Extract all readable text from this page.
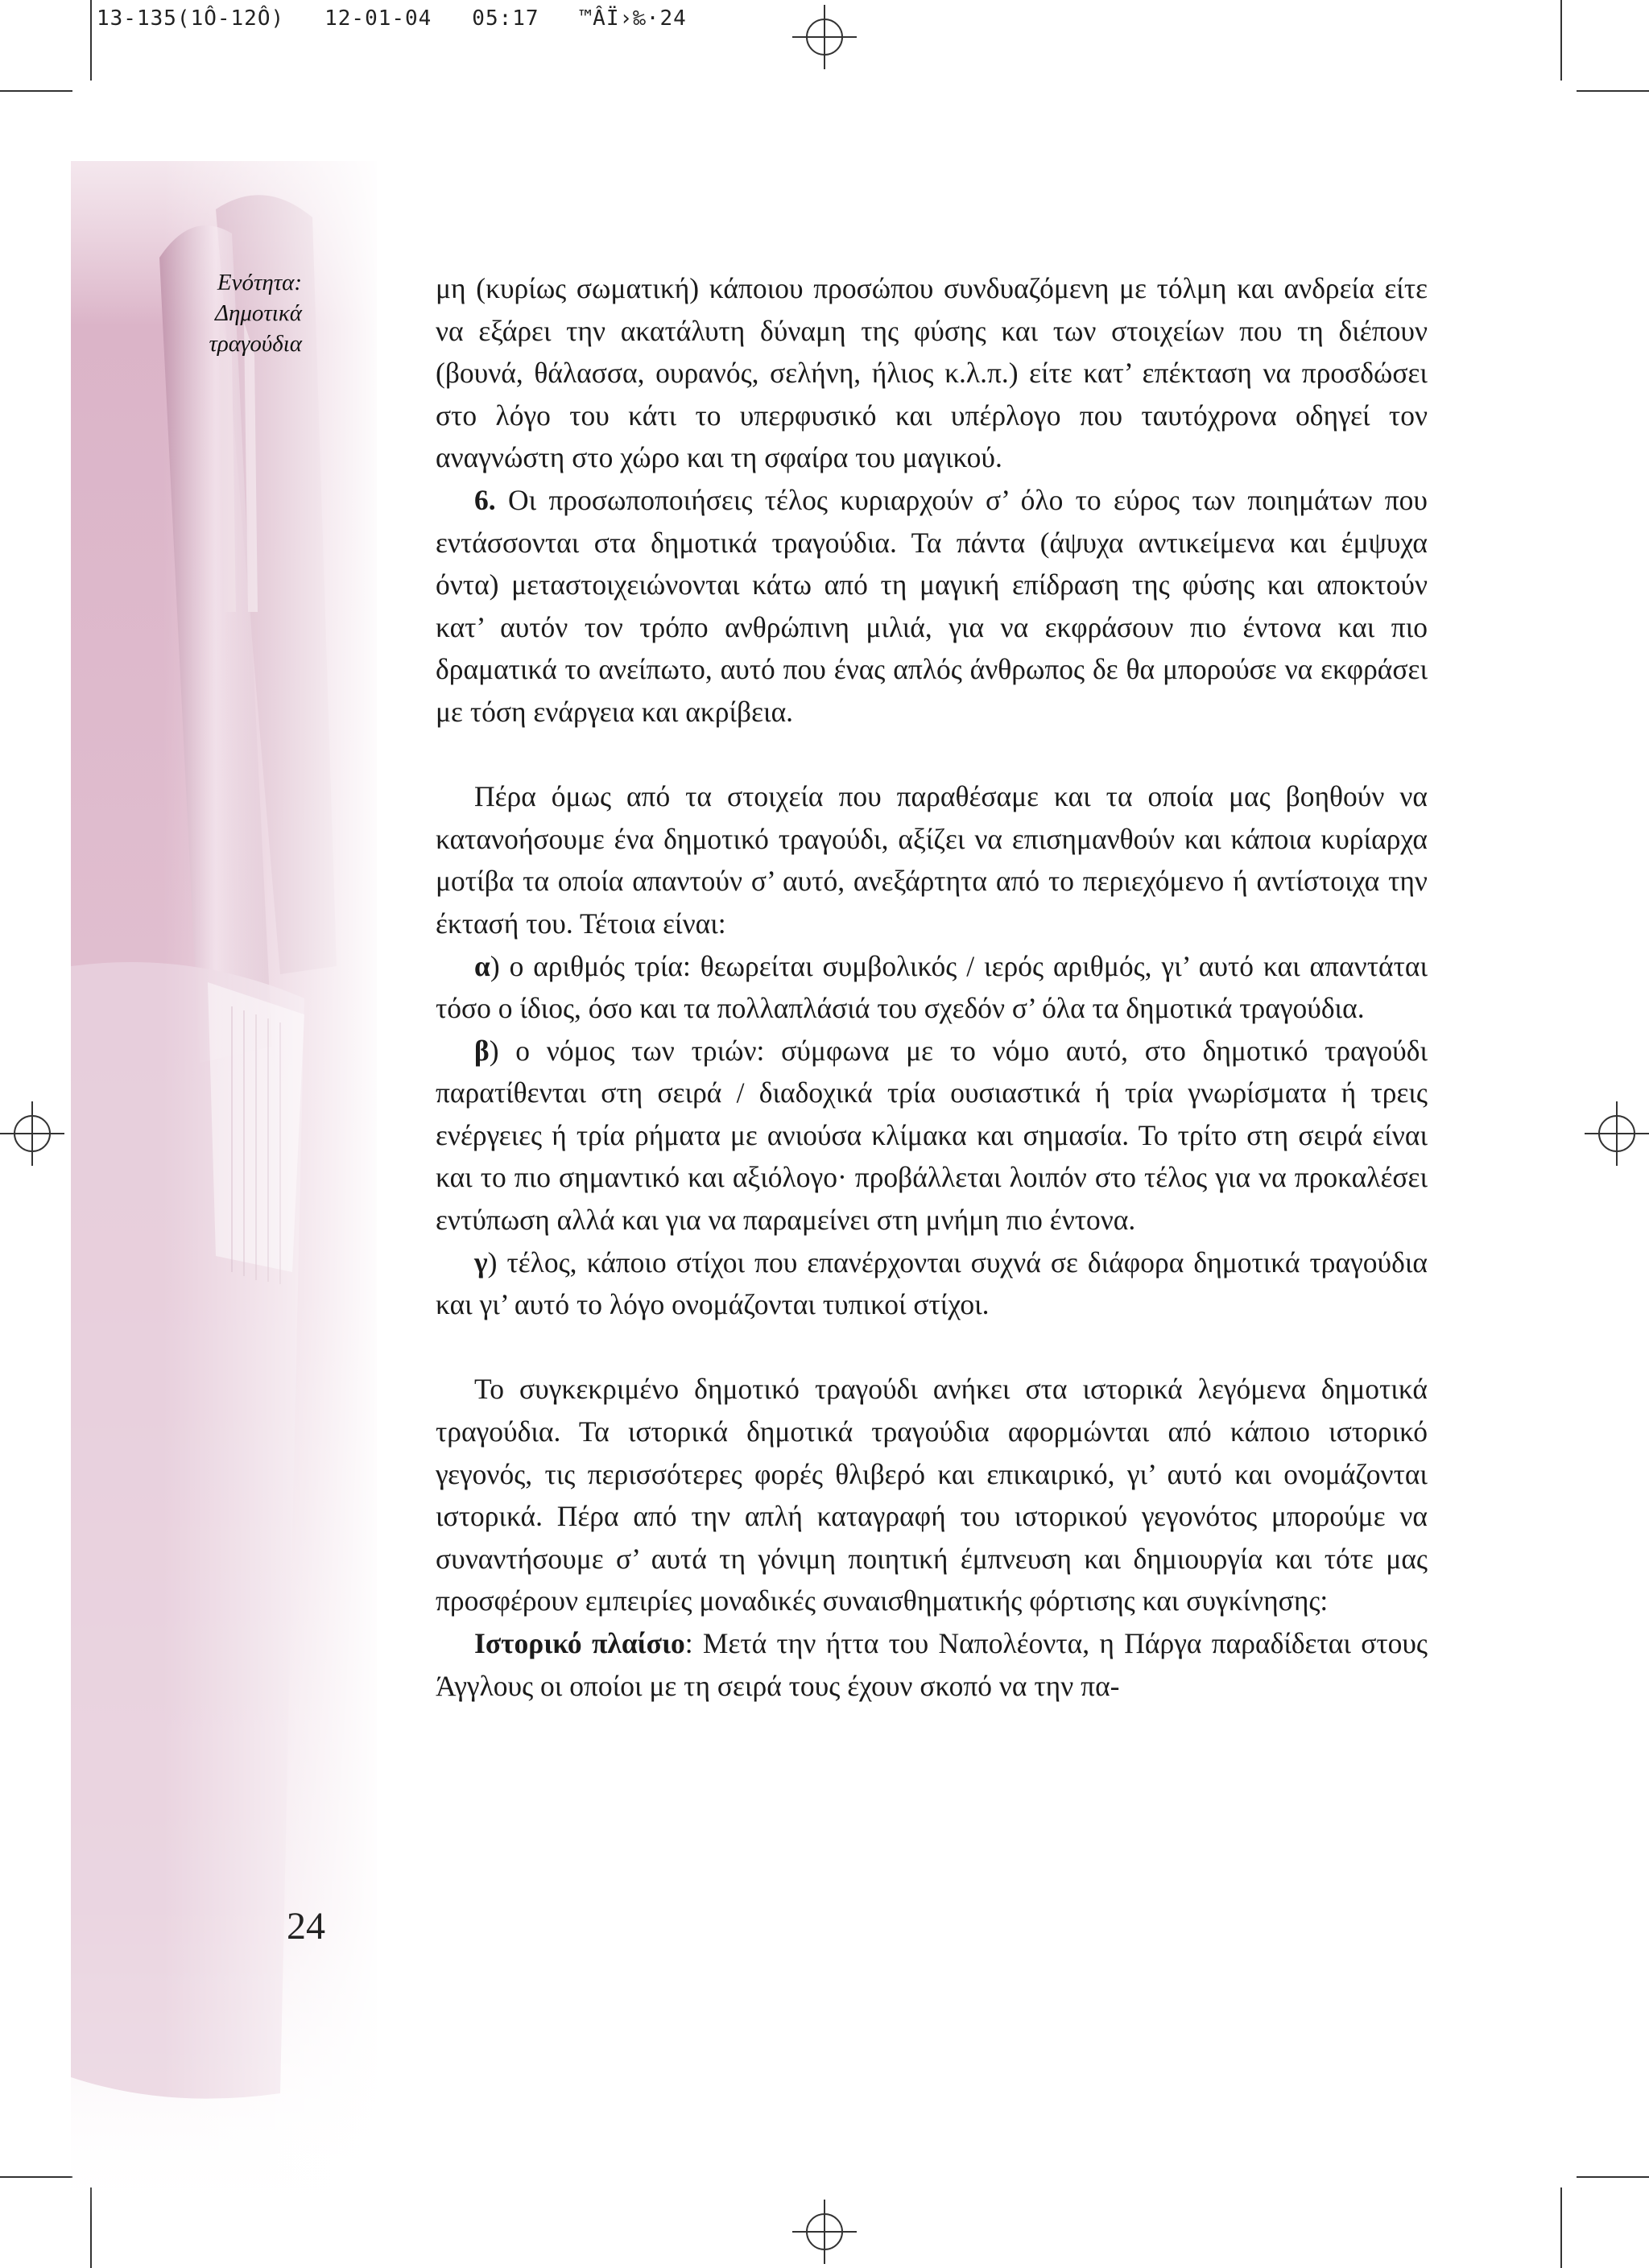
13-135(1Ô-12Ô)   12-01-04   05:17   ™ÂÏ›‰·24
Ενότητα:
Δημοτικά
τραγούδια
24

μη (κυρίως σωματική) κάποιου προσώπου συνδυαζόμενη με τόλμη και ανδρεία είτε να εξάρει την ακατάλυτη δύναμη της φύσης και των στοιχείων που τη διέπουν (βουνά, θάλασσα, ουρανός, σελήνη, ήλιος κ.λ.π.) είτε κατ’ επέκταση να προσδώσει στο λόγο του κάτι το υπερφυσικό και υπέρλογο που ταυτόχρονα οδηγεί τον αναγνώστη στο χώρο και τη σφαίρα του μαγικού.

6. Οι προσωποποιήσεις τέλος κυριαρχούν σ’ όλο το εύρος των ποιημάτων που εντάσσονται στα δημοτικά τραγούδια. Τα πάντα (άψυχα αντικείμενα και έμψυχα όντα) μεταστοιχειώνονται κάτω από τη μαγική επίδραση της φύσης και αποκτούν κατ’ αυτόν τον τρόπο ανθρώπινη μιλιά, για να εκφράσουν πιο έντονα και πιο δραματικά το ανείπωτο, αυτό που ένας απλός άνθρωπος δε θα μπορούσε να εκφράσει με τόση ενάργεια και ακρίβεια.

Πέρα όμως από τα στοιχεία που παραθέσαμε και τα οποία μας βοηθούν να κατανοήσουμε ένα δημοτικό τραγούδι, αξίζει να επισημανθούν και κάποια κυρίαρχα μοτίβα τα οποία απαντούν σ’ αυτό, ανεξάρτητα από το περιεχόμενο ή αντίστοιχα την έκτασή του. Τέτοια είναι:

α) ο αριθμός τρία: θεωρείται συμβολικός / ιερός αριθμός, γι’ αυτό και απαντάται τόσο ο ίδιος, όσο και τα πολλαπλάσιά του σχεδόν σ’ όλα τα δημοτικά τραγούδια.

β) ο νόμος των τριών: σύμφωνα με το νόμο αυτό, στο δημοτικό τραγούδι παρατίθενται στη σειρά / διαδοχικά τρία ουσιαστικά ή τρία γνωρίσματα ή τρεις ενέργειες ή τρία ρήματα με ανιούσα κλίμακα και σημασία. Το τρίτο στη σειρά είναι και το πιο σημαντικό και αξιόλογο· προβάλλεται λοιπόν στο τέλος για να προκαλέσει εντύπωση αλλά και για να παραμείνει στη μνήμη πιο έντονα.

γ) τέλος, κάποιο στίχοι που επανέρχονται συχνά σε διάφορα δημοτικά τραγούδια και γι’ αυτό το λόγο ονομάζονται τυπικοί στίχοι.

Το συγκεκριμένο δημοτικό τραγούδι ανήκει στα ιστορικά λεγόμενα δημοτικά τραγούδια. Τα ιστορικά δημοτικά τραγούδια αφορμώνται από κάποιο ιστορικό γεγονός, τις περισσότερες φορές θλιβερό και επικαιρικό, γι’ αυτό και ονομάζονται ιστορικά. Πέρα από την απλή καταγραφή του ιστορικού γεγονότος μπορούμε να συναντήσουμε σ’ αυτά τη γόνιμη ποιητική έμπνευση και δημιουργία και τότε μας προσφέρουν εμπειρίες μοναδικές συναισθηματικής φόρτισης και συγκίνησης:

Ιστορικό πλαίσιο: Μετά την ήττα του Ναπολέοντα, η Πάργα παραδίδεται στους Άγγλους οι οποίοι με τη σειρά τους έχουν σκοπό να την πα-
